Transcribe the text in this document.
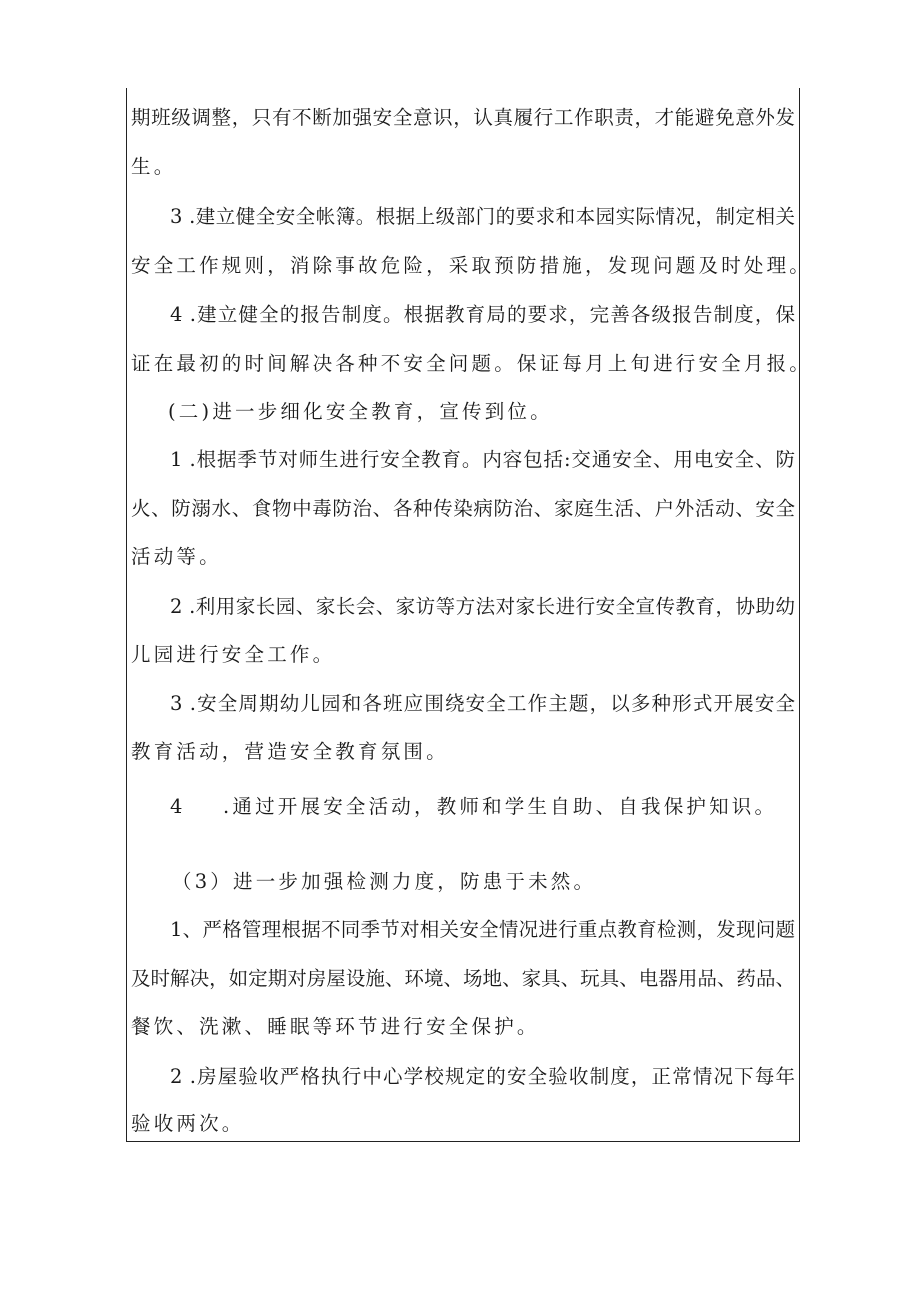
期班级调整，只有不断加强安全意识，认真履行工作职责，才能避免意外发
生。
3 .建立健全安全帐簿。根据上级部门的要求和本园实际情况，制定相关
安全工作规则，消除事故危险，采取预防措施，发现问题及时处理。
4 .建立健全的报告制度。根据教育局的要求，完善各级报告制度，保
证在最初的时间解决各种不安全问题。保证每月上旬进行安全月报。
(二)进一步细化安全教育，宣传到位。
1 .根据季节对师生进行安全教育。内容包括:交通安全、用电安全、防
火、防溺水、食物中毒防治、各种传染病防治、家庭生活、户外活动、安全
活动等。
2 .利用家长园、家长会、家访等方法对家长进行安全宣传教育，协助幼
儿园进行安全工作。
3 .安全周期幼儿园和各班应围绕安全工作主题，以多种形式开展安全
教育活动，营造安全教育氛围。
4 .通过开展安全活动，教师和学生自助、自我保护知识。
（3）进一步加强检测力度，防患于未然。
1、严格管理根据不同季节对相关安全情况进行重点教育检测，发现问题
及时解决，如定期对房屋设施、环境、场地、家具、玩具、电器用品、药品、
餐饮、洗漱、睡眠等环节进行安全保护。
2 .房屋验收严格执行中心学校规定的安全验收制度，正常情况下每年
验收两次。
